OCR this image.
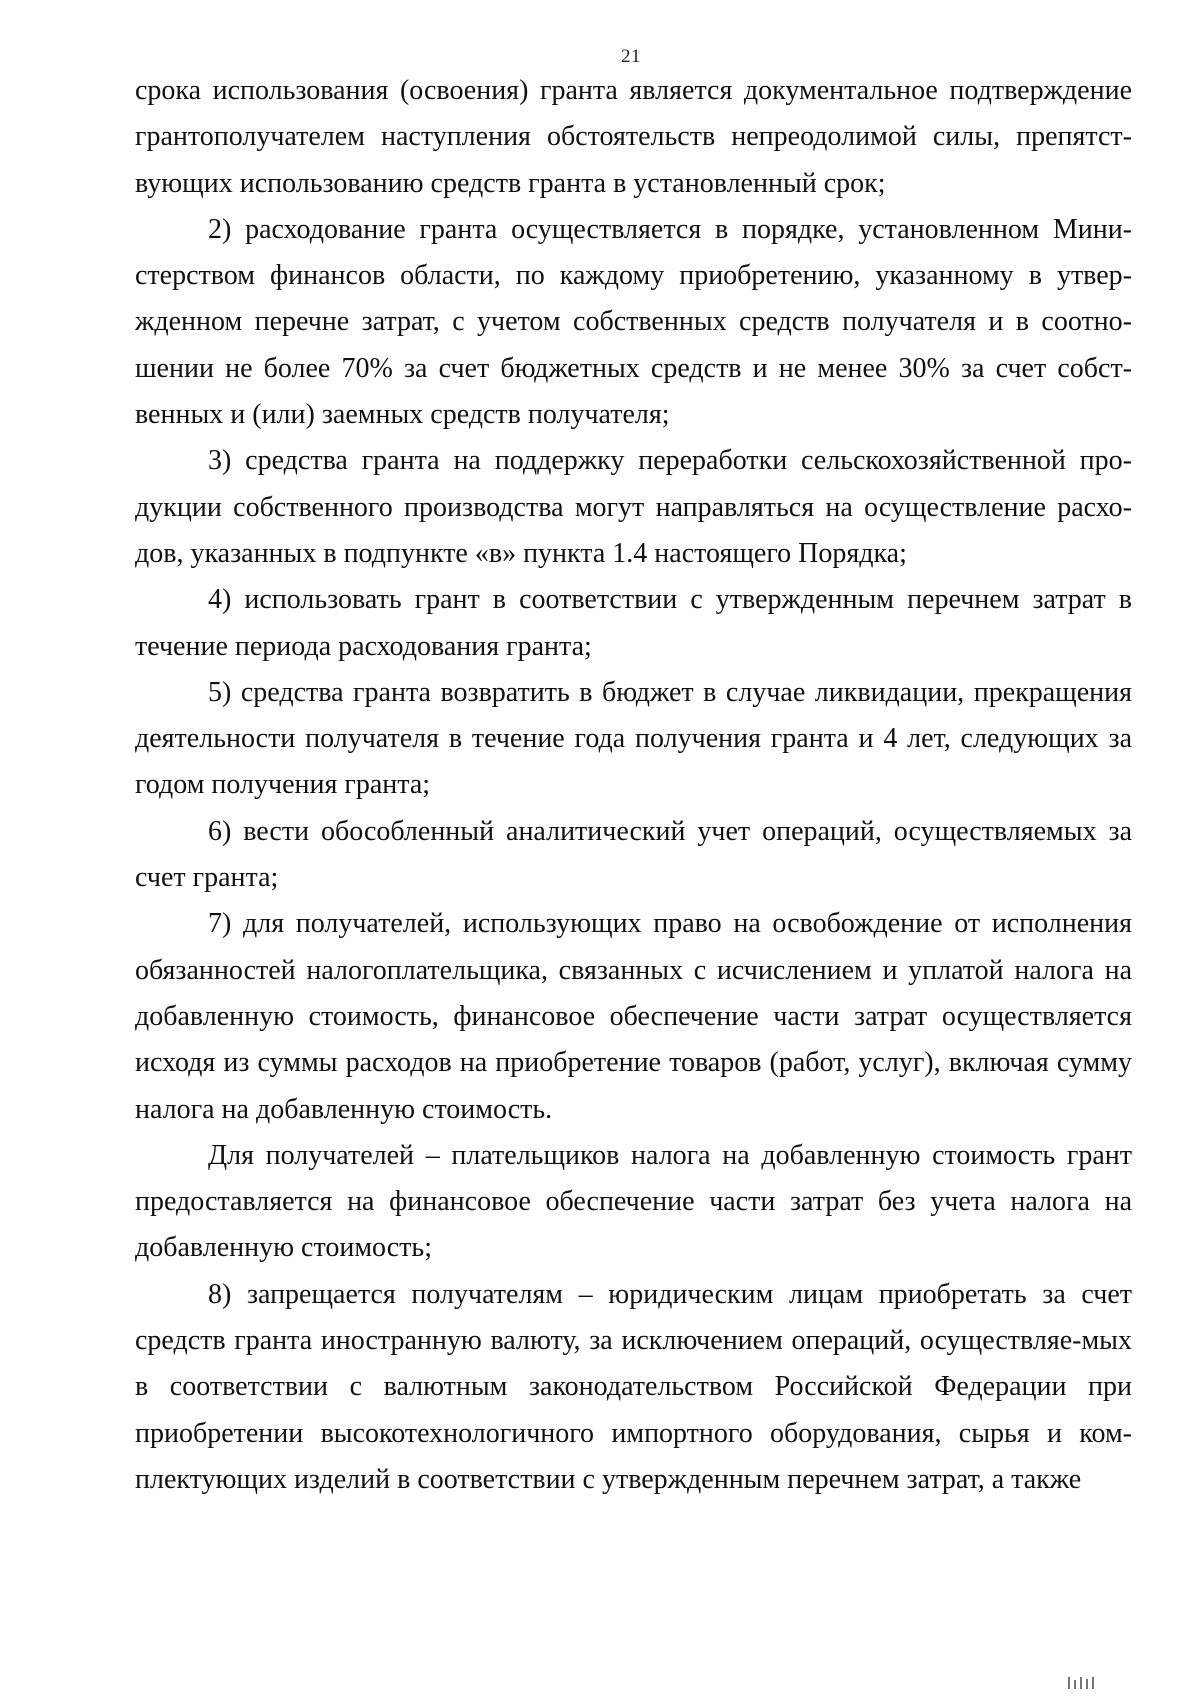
21

срока использования (освоения) гранта является документальное подтверждение грантополучателем наступления обстоятельств непреодолимой силы, препятст-вующих использованию средств гранта в установленный срок;

2) расходование гранта осуществляется в порядке, установленном Мини-стерством финансов области, по каждому приобретению, указанному в утвер-жденном перечне затрат, с учетом собственных средств получателя и в соотно-шении не более 70% за счет бюджетных средств и не менее 30% за счет собст-венных и (или) заемных средств получателя;

3) средства гранта на поддержку переработки сельскохозяйственной про-дукции собственного производства могут направляться на осуществление расхо-дов, указанных в подпункте «в» пункта 1.4 настоящего Порядка;

4) использовать грант в соответствии с утвержденным перечнем затрат в течение периода расходования гранта;

5) средства гранта возвратить в бюджет в случае ликвидации, прекращения деятельности получателя в течение года получения гранта и 4 лет, следующих за годом получения гранта;

6) вести обособленный аналитический учет операций, осуществляемых за счет гранта;

7) для получателей, использующих право на освобождение от исполнения обязанностей налогоплательщика, связанных с исчислением и уплатой налога на добавленную стоимость, финансовое обеспечение части затрат осуществляется исходя из суммы расходов на приобретение товаров (работ, услуг), включая сумму налога на добавленную стоимость.

Для получателей – плательщиков налога на добавленную стоимость грант предоставляется на финансовое обеспечение части затрат без учета налога на добавленную стоимость;

8) запрещается получателям – юридическим лицам приобретать за счет средств гранта иностранную валюту, за исключением операций, осуществляе-мых в соответствии с валютным законодательством Российской Федерации при приобретении высокотехнологичного импортного оборудования, сырья и ком-плектующих изделий в соответствии с утвержденным перечнем затрат, а также
